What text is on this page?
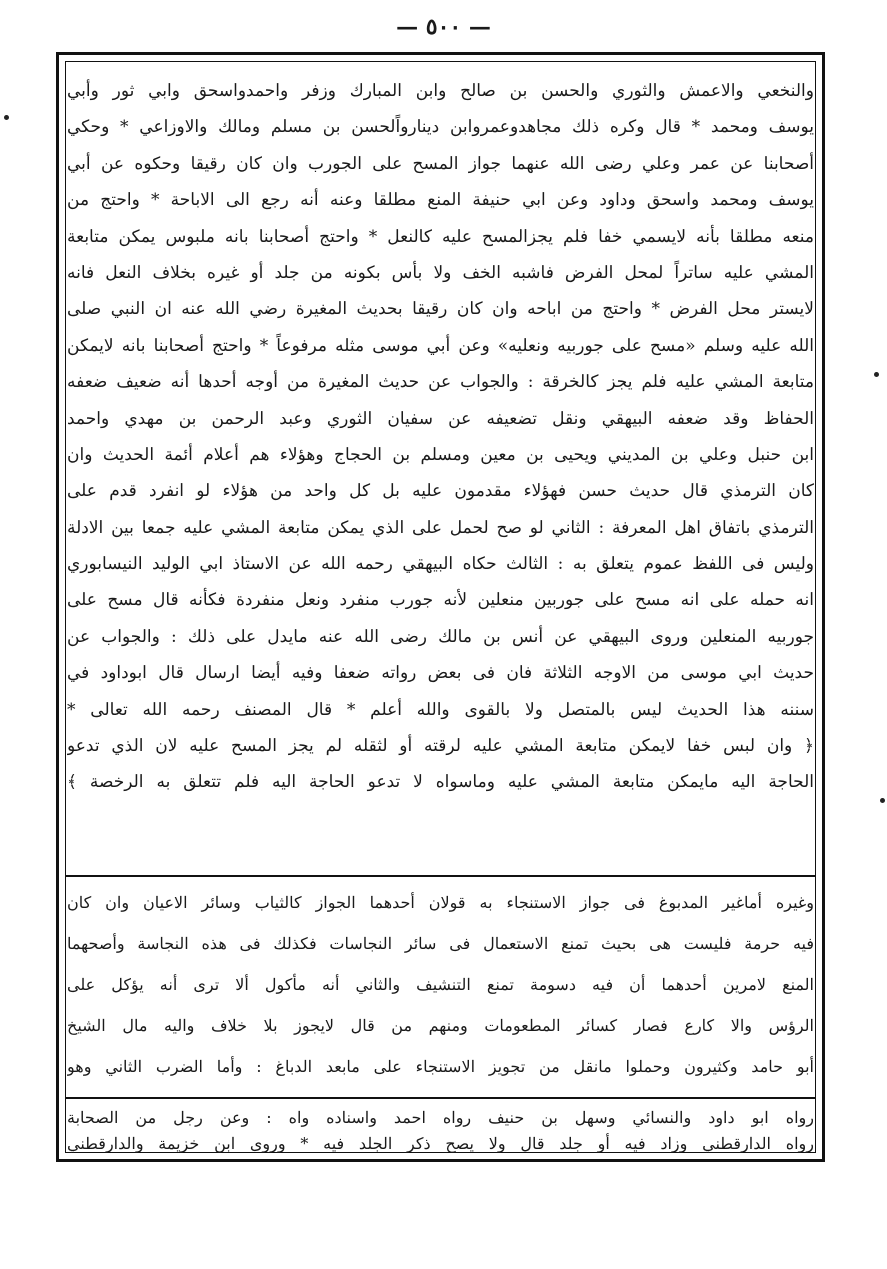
— ٥٠٠ —

والنخعي والاعمش والثوري والحسن بن صالح وابن المبارك وزفر واحمدواسحق وابي ثور وأبي

يوسف ومحمد * قال وكره ذلك مجاهدوعمروابن دينارواًلحسن بن مسلم ومالك والاوزاعي * وحكي

أصحابنا عن عمر وعلي رضى الله عنهما جواز المسح على الجورب وان كان رقيقا وحكوه عن أبي

يوسف ومحمد واسحق وداود وعن ابي حنيفة المنع مطلقا وعنه أنه رجع الى الاباحة * واحتج من

منعه مطلقا بأنه لايسمي خفا فلم يجزالمسح عليه كالنعل * واحتج أصحابنا بانه ملبوس يمكن متابعة

المشي عليه ساتراً لمحل الفرض فاشبه الخف ولا بأس بكونه من جلد أو غيره بخلاف النعل فانه

لايستر محل الفرض * واحتج من اباحه وان كان رقيقا بحديث المغيرة رضي الله عنه ان النبي صلى

الله عليه وسلم «مسح على جوربيه ونعليه» وعن أبي موسى مثله مرفوعاً * واحتج أصحابنا بانه لايمكن

متابعة المشي عليه فلم يجز كالخرقة : والجواب عن حديث المغيرة من أوجه أحدها أنه ضعيف ضعفه

الحفاظ وقد ضعفه البيهقي ونقل تضعيفه عن سفيان الثوري وعبد الرحمن بن مهدي واحمد

ابن حنبل وعلي بن المديني ويحيى بن معين ومسلم بن الحجاج وهؤلاء هم أعلام أئمة الحديث وان

كان الترمذي قال حديث حسن فهؤلاء مقدمون عليه بل كل واحد من هؤلاء لو انفرد قدم على

الترمذي باتفاق اهل المعرفة : الثاني لو صح لحمل على الذي يمكن متابعة المشي عليه جمعا بين الادلة

وليس فى اللفظ عموم يتعلق به : الثالث حكاه البيهقي رحمه الله عن الاستاذ ابي الوليد النيسابوري

انه حمله على انه مسح على جوربين منعلين لأنه جورب منفرد ونعل منفردة فكأنه قال مسح على

جوربيه المنعلين وروى البيهقي عن أنس بن مالك رضى الله عنه مايدل على ذلك : والجواب عن

حديث ابي موسى من الاوجه الثلاثة فان فى بعض رواته ضعفا وفيه أيضا ارسال قال ابوداود في

سننه هذا الحديث ليس بالمتصل ولا بالقوى والله أعلم * قال المصنف رحمه الله تعالى *

﴿ وان لبس خفا لايمكن متابعة المشي عليه لرقته أو لثقله لم يجز المسح عليه لان الذي تدعو

الحاجة اليه مايمكن متابعة المشي عليه وماسواه لا تدعو الحاجة اليه فلم تتعلق به الرخصة ﴾

وغيره أماغير المدبوغ فى جواز الاستنجاء به قولان أحدهما الجواز كالثياب وسائر الاعيان وان كان

فيه حرمة فليست هى بحيث تمنع الاستعمال فى سائر النجاسات فكذلك فى هذه النجاسة وأصحهما

المنع لامرين أحدهما أن فيه دسومة تمنع التنشيف والثاني أنه مأكول ألا ترى أنه يؤكل على

الرؤس والا كارع فصار كسائر المطعومات ومنهم من قال لايجوز بلا خلاف واليه مال الشيخ

أبو حامد وكثيرون وحملوا مانقل من تجويز الاستنجاء على مابعد الدباغ : وأما الضرب الثاني وهو

رواه ابو داود والنسائي وسهل بن حنيف رواه احمد واسناده واه : وعن رجل من الصحابة

رواه الدارقطني وزاد فيه أو جلد قال ولا يصح ذكر الجلد فيه * وروى ابن خزيمة والدارقطني
